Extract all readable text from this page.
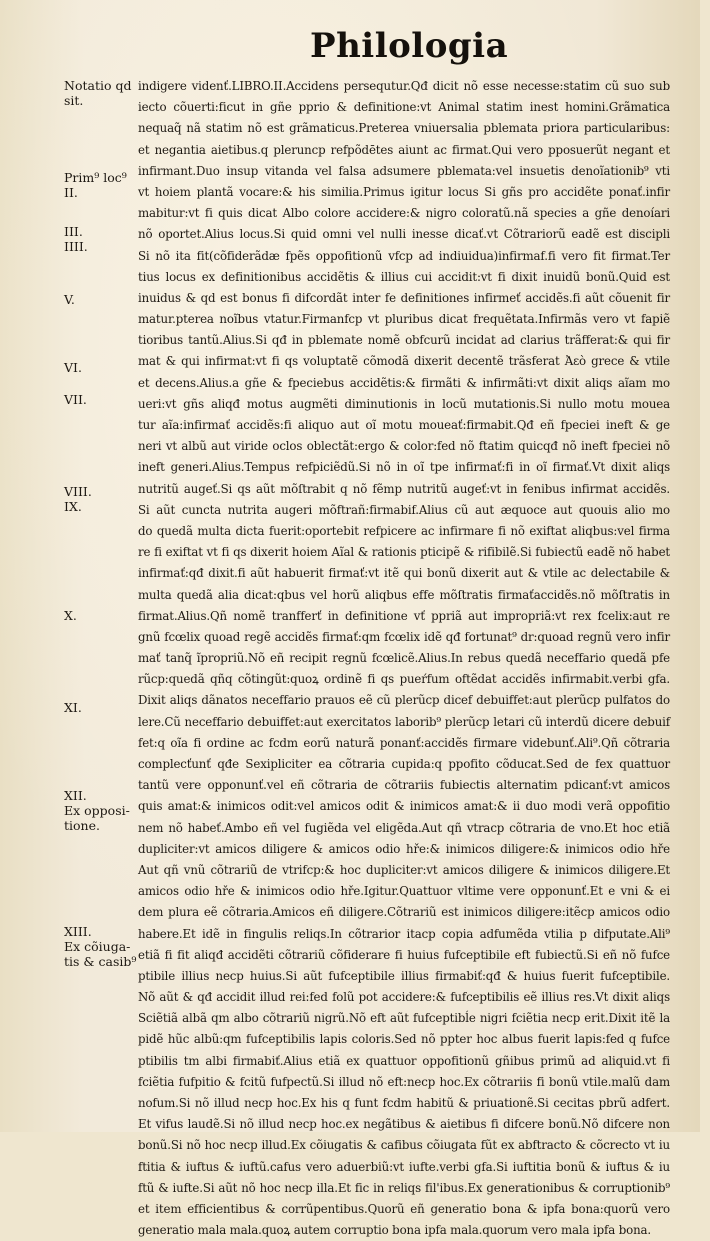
Philologia
Notatio qd
sit.
Prim⁹ loc⁹
II.
III.
IIII.
V.
VI.
VII.
VIII.
IX.
X.
XI.
XII.
Ex opposi-
tione.
XIII.
Ex cõiuga-
tis & casib⁹
indigere videnť.LIBRO.II.Accidens persequtur.Qđ dicit nõ esse necesse:statim cũ suo sub
iecto cõuerti:ficut in gñe pprio & definitione:vt Animal statim inest homini.Grãmatica
nequaq̃ nã statim nõ est grãmaticus.Preterea vniuersalia pblemata priora particularibus:
et negantia aietibus.q pleruncp refpõdētes aiunt ac firmat.Qui vero pposuerũt negant et
infirmant.Duo insup vitanda vel falsa adsumere pblemata:vel insuetis denoĩationib⁹ vti
vt hoiem plantã vocare:& his similia.Primus igitur locus Si gñs pro accidẽte ponať.infir
mabitur:vt fi quis dicat Albo colore accidere:& nigro coloratũ.nã species a gñe denoíari
nõ oportet.Alius locus.Si quid omni vel nulli inesse dicať.vt Cõtrariorũ eadẽ est discipli
Si nõ ita fit(cõfiderãdæ fpẽs oppofitionũ vfcp ad indiuidua)infirmaf.fi vero fit firmat.Ter
tius locus ex definitionibus accidẽtis & illius cui accidit:vt fi dixit inuidũ bonũ.Quid est
inuidus & qd est bonus fi difcordãt inter fe definitiones infirmeť accidẽs.fi aũt cõuenit fir
matur.pterea noĩbus vtatur.Firmanfcp vt pluribus dicat frequẽtata.Infirmãs vero vt fapiẽ
tioribus tantũ.Alius.Si qđ in pblemate nomẽ obfcurũ incidat ad clarius trãfferat:& qui fir
mat & qui infirmat:vt fi qs voluptatẽ cõmodã dixerit decentẽ trãsferat Ἀεὸ grece & vtile
et decens.Alius.a gñe & fpeciebus accidẽtis:& firmãti & infirmãti:vt dixit aliqs aĩam mo
ueri:vt gñs aliqđ motus augmẽti diminutionis in locũ mutationis.Si nullo motu mouea
tur aĩa:infirmať accidẽs:fi aliquo aut oĩ motu moueať:firmabit.Qđ eñ fpeciei ineft & ge
neri vt albũ aut viride oclos oblectãt:ergo & color:fed nõ ftatim quicqđ nõ ineft fpeciei nõ
ineft generi.Alius.Tempus refpiciẽdũ.Si nõ in oĩ tpe infirmať:fi in oĩ firmať.Vt dixit aliqs
nutritũ augeť.Si qs aũt mõſtrabit q nõ fẽmp nutritũ augeť:vt in fenibus infirmat accidẽs.
Si aũt cuncta nutrita augeri mõftrañ:firmabif.Alius cũ aut æquoce aut quouis alio mo
do quedã multa dicta fuerit:oportebit refpicere ac infirmare fi nõ exiftat aliqbus:vel firma
re fi exiftat vt fi qs dixerit hoiem Aĩal & rationis pticipẽ & rifibilẽ.Si fubiectũ eadẽ nõ habet
infirmať:qđ dixit.fi aũt habuerit firmať:vt itẽ qui bonũ dixerit aut & vtile ac delectabile &
multa quedã alia dicat:qbus vel horũ aliqbus effe mõſtratis firmaťaccidẽs.nõ mõſtratis in
firmat.Alius.Qñ nomẽ tranfferť in definitione vť ppriã aut impropriã:vt rex fcelix:aut re
gnũ fcœlix quoad regẽ accidẽs firmať:qm fcœlix idẽ qđ fortunat⁹ dr:quoad regnũ vero infir
mať tanq̃ ĩpropriũ.Nõ eñ recipit regnũ fcœlicẽ.Alius.In rebus quedã neceffario quedã pfe
rũcp:quedã qñq cõtingũt:quoꝝ ordinẽ fi qs pueŕfum oftẽdat accidẽs infirmabit.verbi gfa.
Dixit aliqs dãnatos neceffario prauos eẽ cũ plerũcp dicef debuiffet:aut plerũcp pulfatos do
lere.Cũ neceffario debuiffet:aut exercitatos laborib⁹ plerũcp letari cũ interdũ dicere debuif
fet:q oĩa fi ordine ac fcdm eorũ naturã ponanť:accidẽs firmare videbunť.Ali⁹.Qñ cõtraria
complecťunť qđe Sexipliciter ea cõtraria cupida:q ppofito cõducat.Sed de fex quattuor
tantũ vere opponunť.vel eñ cõtraria de cõtrariis fubiectis alternatim pdicanť:vt amicos
quis amat:& inimicos odit:vel amicos odit & inimicos amat:& ii duo modi verã oppofitio
nem nõ habeť.Ambo eñ vel fugiẽda vel eligẽda.Aut qñ vtracp cõtraria de vno.Et hoc etiã
dupliciter:vt amicos diligere & amicos odio hře:& inimicos diligere:& inimicos odio hře
Aut qñ vnũ cõtrariũ de vtrifcp:& hoc dupliciter:vt amicos diligere & inimicos diligere.Et
amicos odio hře & inimicos odio hře.Igitur.Quattuor vltime vere opponunť.Et e vni & ei
dem plura eẽ cõtraria.Amicos eñ diligere.Cõtrariũ est inimicos diligere:itẽcp amicos odio
habere.Et idẽ in fingulis reliqs.In cõtrarior itacp copia adfumẽda vtilia p difputate.Ali⁹
etiã fi fit aliqđ accidẽti cõtrariũ cõfiderare fi huius fufceptibile eft fubiectũ.Si eñ nõ fufce
ptibile illius necp huius.Si aũt fufceptibile illius firmabiť:qđ & huius fuerit fufceptibile.
Nõ aũt & qđ accidit illud rei:fed folũ pot accidere:& fufceptibilis eẽ illius res.Vt dixit aliqs
Sciẽtiã albã qm albo cõtrariũ nigrũ.Nõ eft aũt fufceptibĺe nigri fciẽtia necp erit.Dixit itẽ la
pidẽ hũc albũ:qm fufceptibilis lapis coloris.Sed nõ ppter hoc albus fuerit lapis:fed q fufce
ptibilis tm albi firmabiť.Alius etiã ex quattuor oppofitionũ gñibus primũ ad aliquid.vt fi
fciẽtia fufpitio & fcitũ fufpectũ.Si illud nõ eft:necp hoc.Ex cõtrariis fi bonũ vtile.malũ dam
nofum.Si nõ illud necp hoc.Ex his q funt fcdm habitũ & priuationẽ.Si cecitas pbrũ adfert.
Et vifus laudẽ.Si nõ illud necp hoc.ex negãtibus & aietibus fi difcere bonũ.Nõ difcere non
bonũ.Si nõ hoc necp illud.Ex cõiugatis & cafibus cõiugata fũt ex abftracto & cõcrecto vt iu
ftitia & iuftus & iuftũ.cafus vero aduerbiũ:vt iufte.verbi gfa.Si iuftitia bonũ & iuftus & iu
ftũ & iufte.Si aũt nõ hoc necp illa.Et fic in reliqs fil'ibus.Ex generationibus & corruptionib⁹
et item efficientibus & corrũpentibus.Quorũ eñ generatio bona & ipfa bona:quorũ vero
generatio mala mala.quoꝝ autem corruptio bona ipfa mala.quorum vero mala ipfa bona.
